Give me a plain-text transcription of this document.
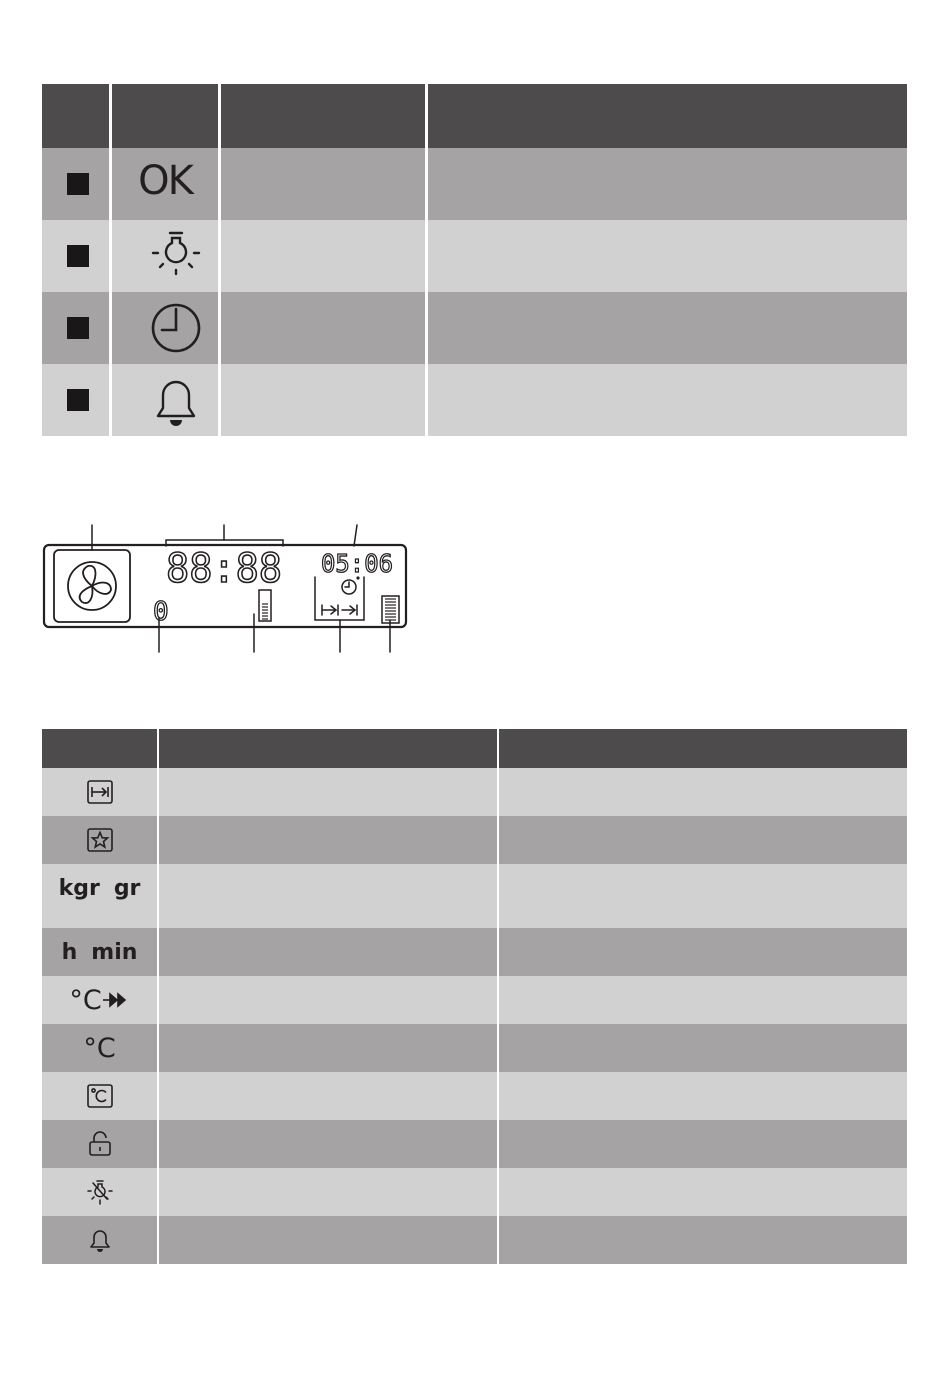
OK
88:88 05:06
0
kgr gr
h min
°C
°C
